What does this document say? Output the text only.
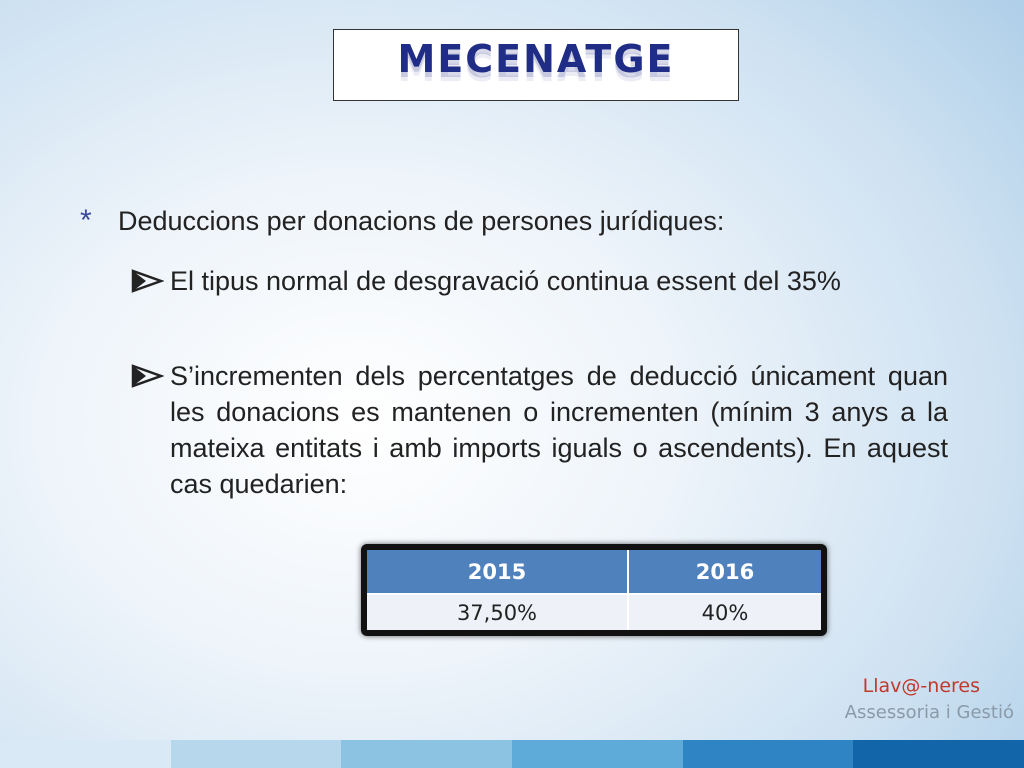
MECENATGE
* Deduccions per donacions de persones jurídiques:
El tipus normal de desgravació continua essent del 35%
S’incrementen dels percentatges de deducció únicament quan les donacions es mantenen o incrementen (mínim 3 anys a la mateixa entitats i amb imports iguals o ascendents). En aquest cas quedarien:
2015	2016
37,50%	40%
Llav@-neres
Assessoria i Gestió
